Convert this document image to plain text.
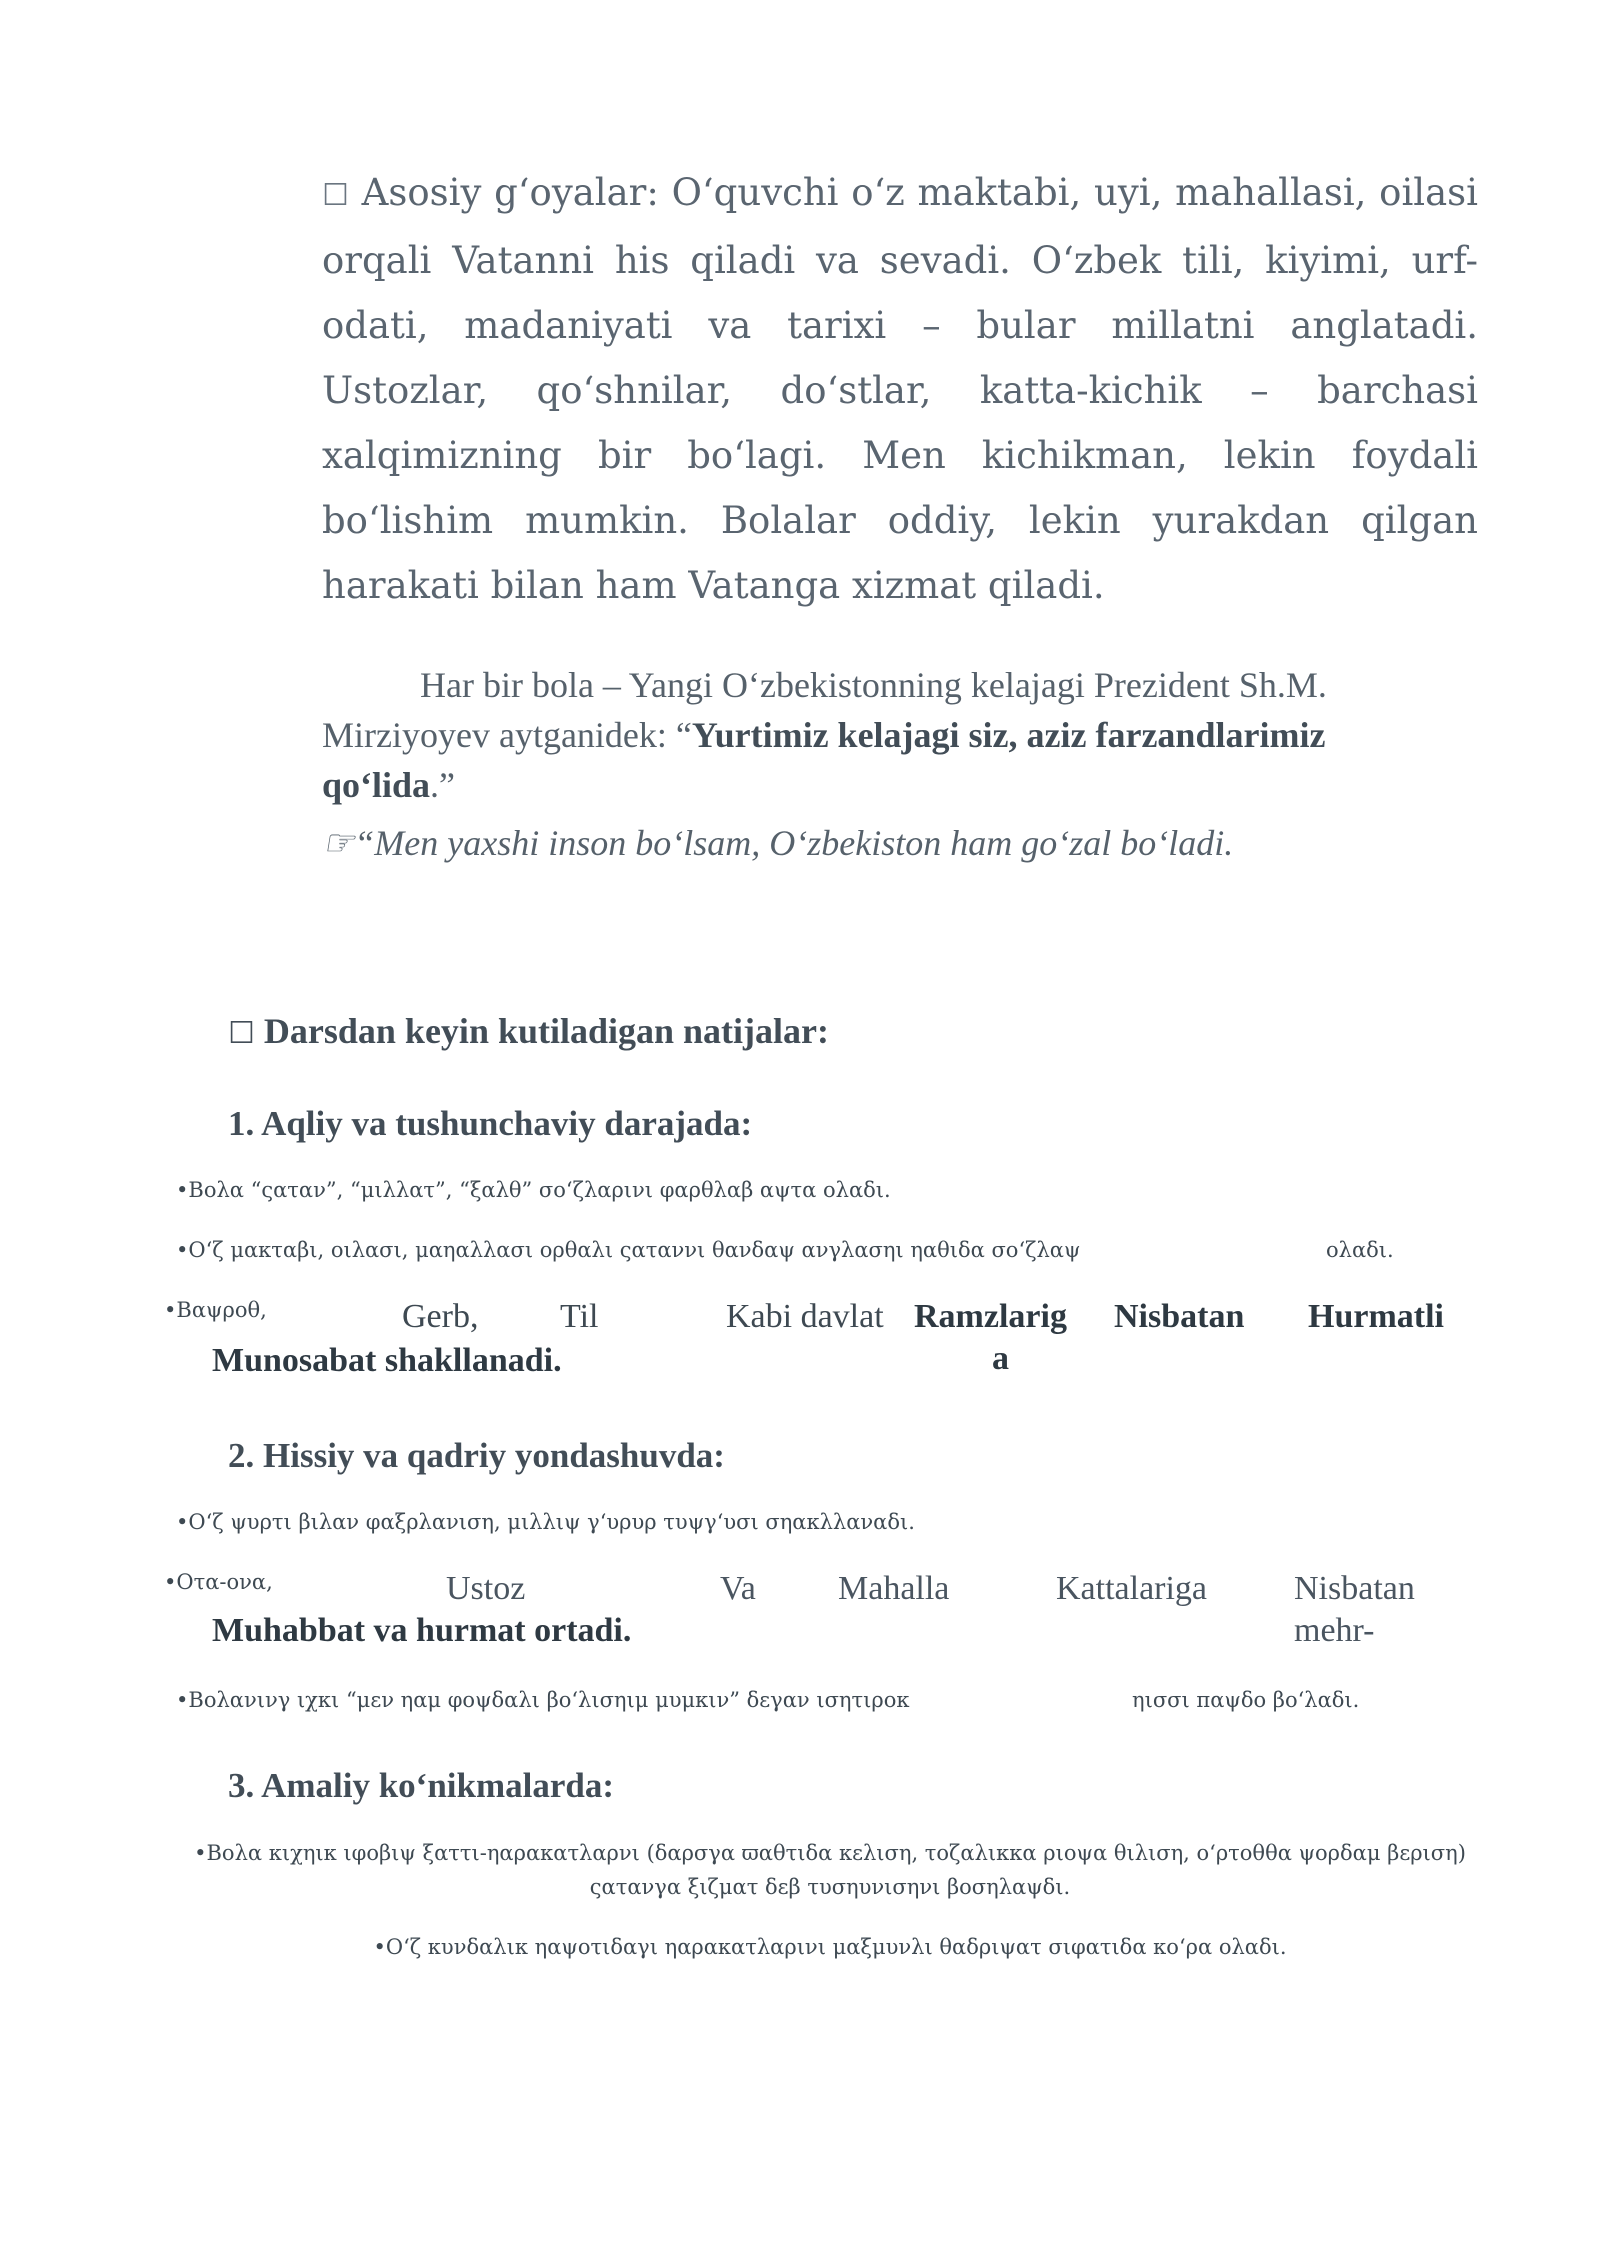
☐ Asosiy g‘oyalar: O‘quvchi o‘z maktabi, uyi, mahallasi, oilasi orqali Vatanni his qiladi va sevadi. O‘zbek tili, kiyimi, urf-odati, madaniyati va tarixi – bular millatni anglatadi. Ustozlar, qo‘shnilar, do‘stlar, katta-kichik – barchasi xalqimizning bir bo‘lagi. Men kichikman, lekin foydali bo‘lishim mumkin. Bolalar oddiy, lekin yurakdan qilgan harakati bilan ham Vatanga xizmat qiladi.

Har bir bola – Yangi O‘zbekistonning kelajagi Prezident Sh.M.

Mirziyoyev aytganidek: “Yurtimiz kelajagi siz, aziz farzandlarimiz qo‘lida.”

☞“Men yaxshi inson bo‘lsam, O‘zbekiston ham go‘zal bo‘ladi.

☐ Darsdan keyin kutiladigan natijalar:
1. Aqliy va tushunchaviy darajada:
•Βολα “ςαταν”, “μιλλατ”, “ξαλθ” σο‘ζλαρινι φαρθλαβ αψτα ολαδι.
•Ο‘ζ μακταβι, οιλασι, μαηαλλασι ορθαλι ςαταννι θανδαψ ανγλασηι ηαθιδα σο‘ζλαψ	ολαδι.
•Βαψροθ,	Gerb, Til	Kabi davlat Ramzlarig
a
Nisbatan Hurmatli
Munosabat shakllanadi.
2. Hissiy va qadriy yondashuvda:
•Ο‘ζ ψυρτι βιλαν φαξρλανιση, μιλλιψ γ‘υρυρ τυψγ‘υσι σηακλλαναδι.
•Οτα-ονα,	Ustoz	Va Mahalla	Kattalariga	Nisbatan
mehr-
Muhabbat va hurmat ortadi.
•Βολανινγ ιχκι “μεν ηαμ φοψδαλι βο‘λισηιμ μυμκιν” δεγαν ισητιροκ	ηισσι παψδο βο‘λαδι.
3. Amaliy ko‘nikmalarda:
•Βολα κιχηικ ιφοβιψ ξαττι-ηαρακατλαρνι (δαρσγα ϖαθτιδα κελιση, τοζαλικκα ριοψα θιλιση, ο‘ρτοθθα ψορδαμ βεριση) ςατανγα ξιζματ δεβ τυσηυνισηνι βοσηλαψδι.
•Ο‘ζ κυνδαλικ ηαψοτιδαγι ηαρακατλαρινι μαξμυνλι θαδριψατ σιφατιδα κο‘ρα ολαδι.
